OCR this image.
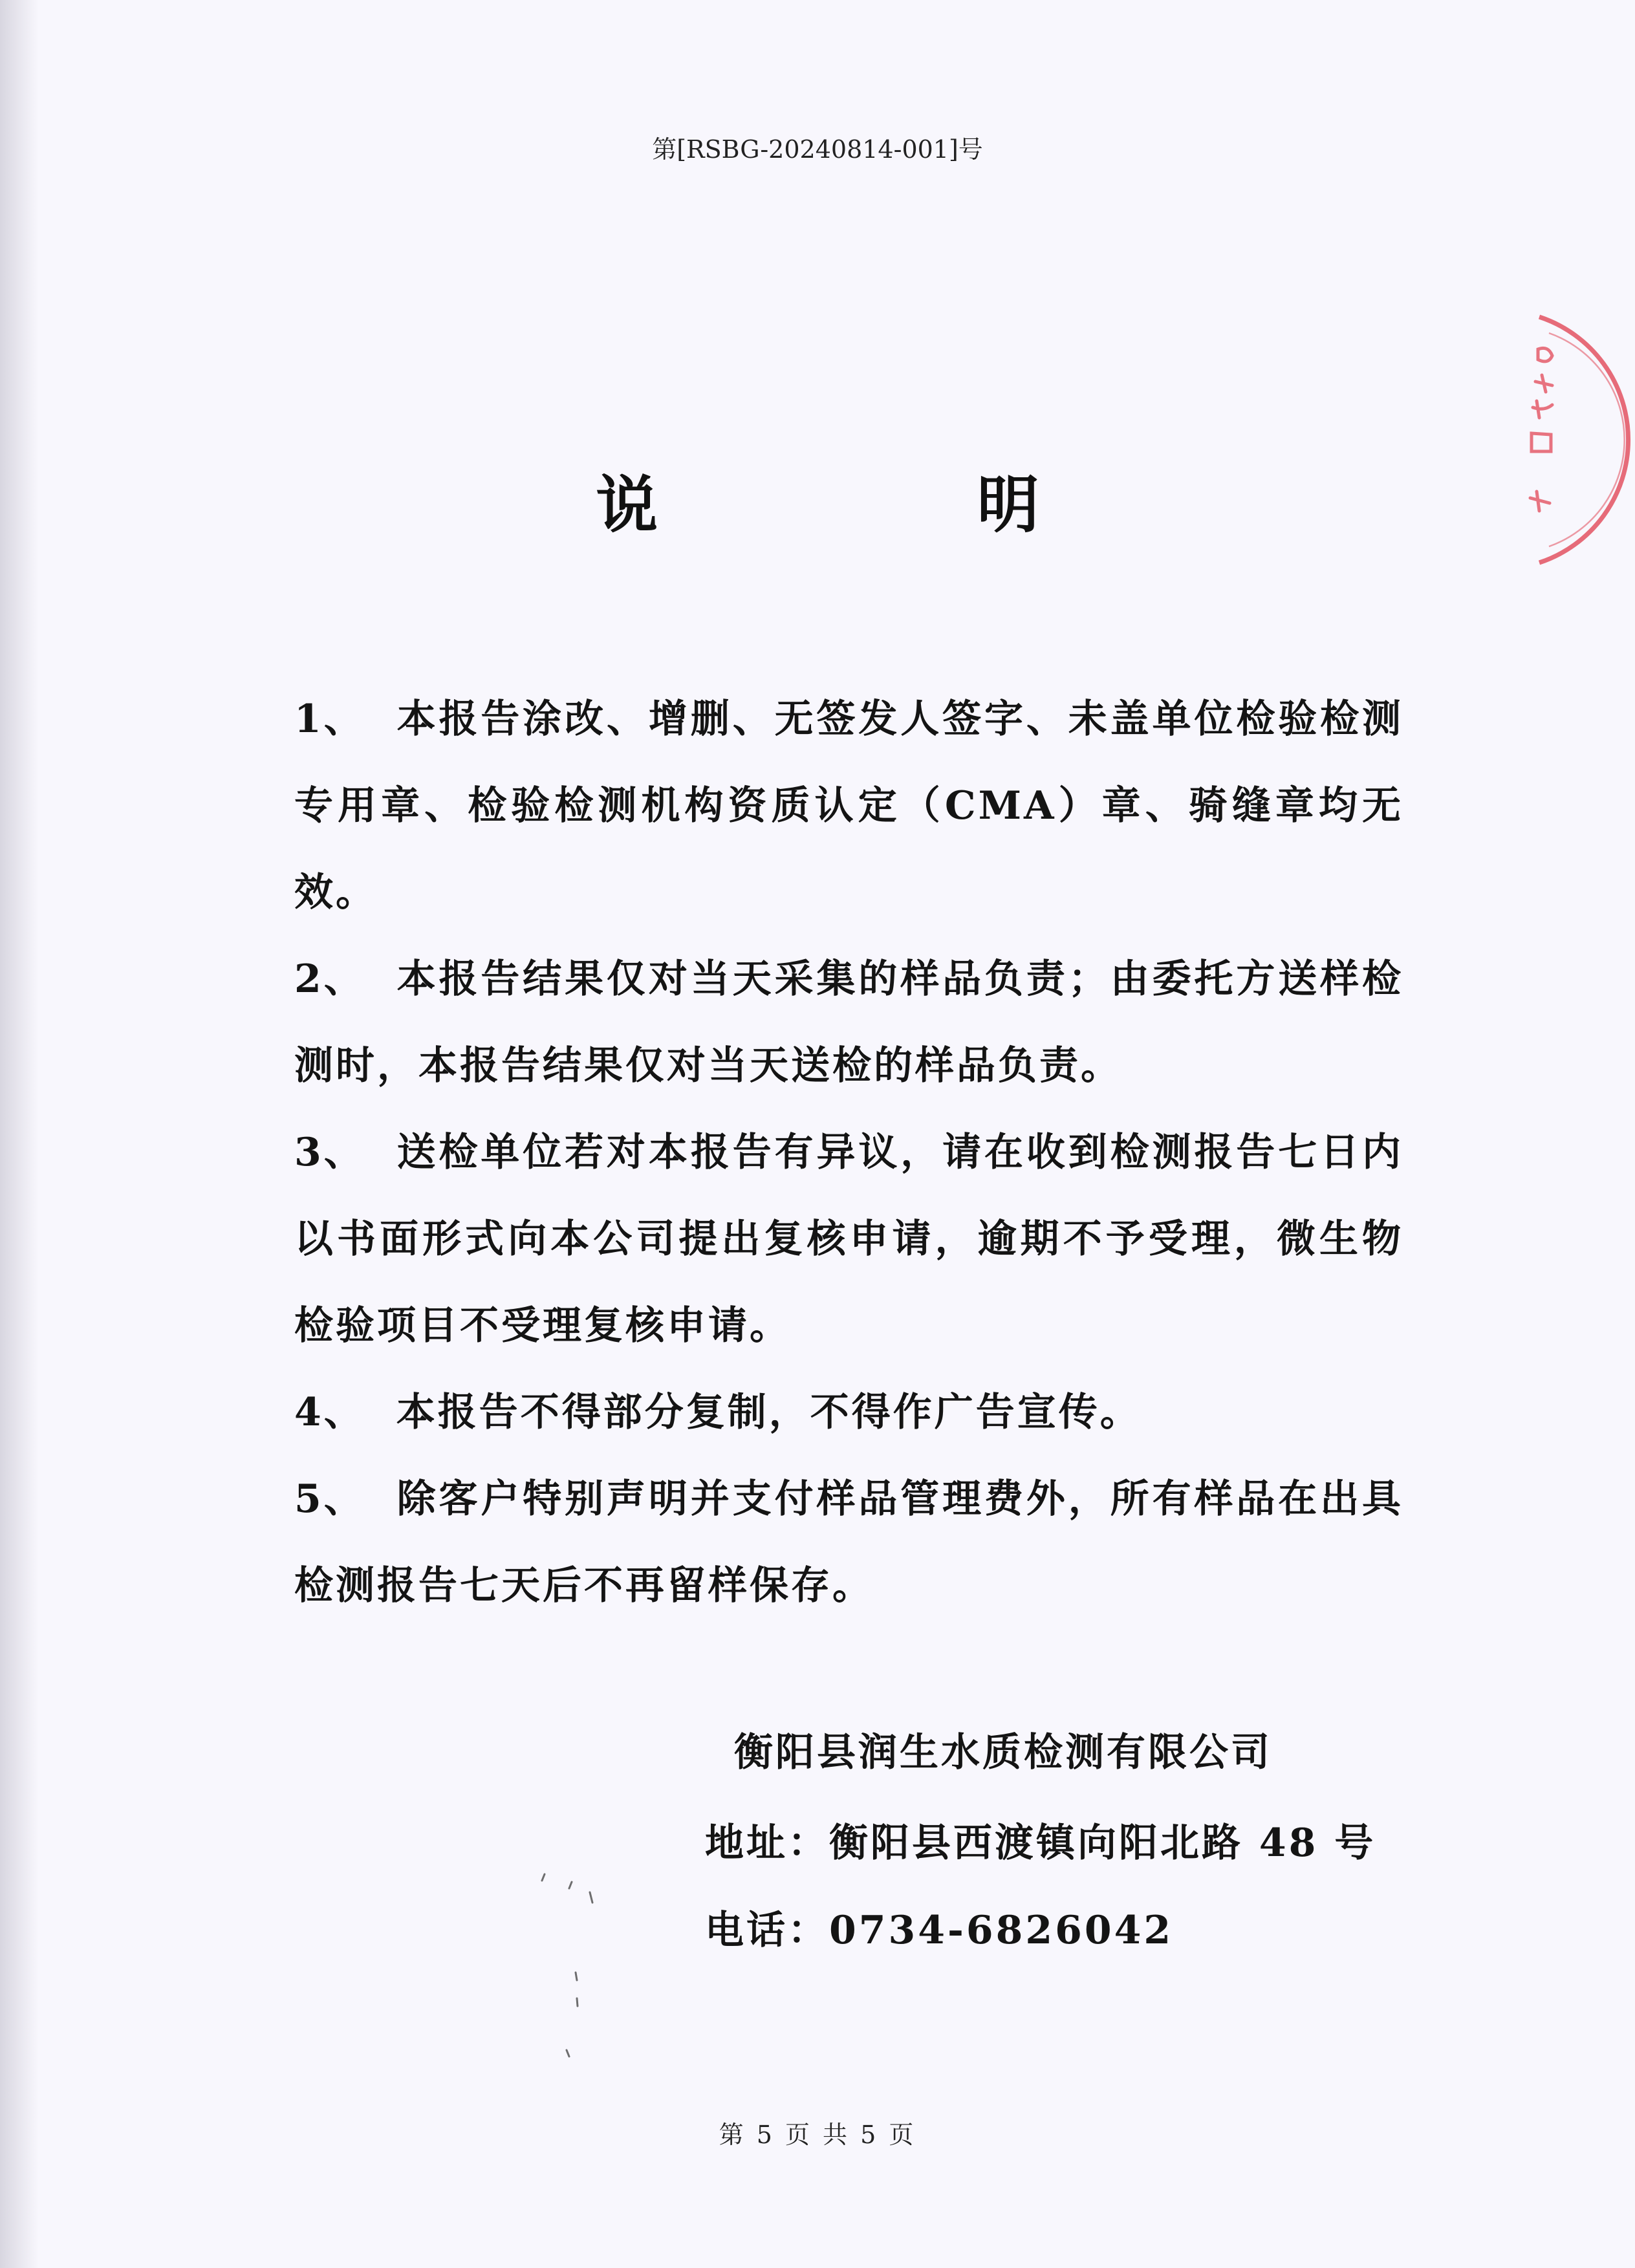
第[RSBG-20240814-001]号
说 明
1、 本报告涂改、增删、无签发人签字、未盖单位检验检测专用章、检验检测机构资质认定（CMA）章、骑缝章均无效。
2、 本报告结果仅对当天采集的样品负责；由委托方送样检测时，本报告结果仅对当天送检的样品负责。
3、 送检单位若对本报告有异议，请在收到检测报告七日内以书面形式向本公司提出复核申请，逾期不予受理，微生物检验项目不受理复核申请。
4、 本报告不得部分复制，不得作广告宣传。
5、 除客户特别声明并支付样品管理费外，所有样品在出具检测报告七天后不再留样保存。
衡阳县润生水质检测有限公司
地址：衡阳县西渡镇向阳北路 48 号
电话：0734-6826042
第 5 页 共 5 页
